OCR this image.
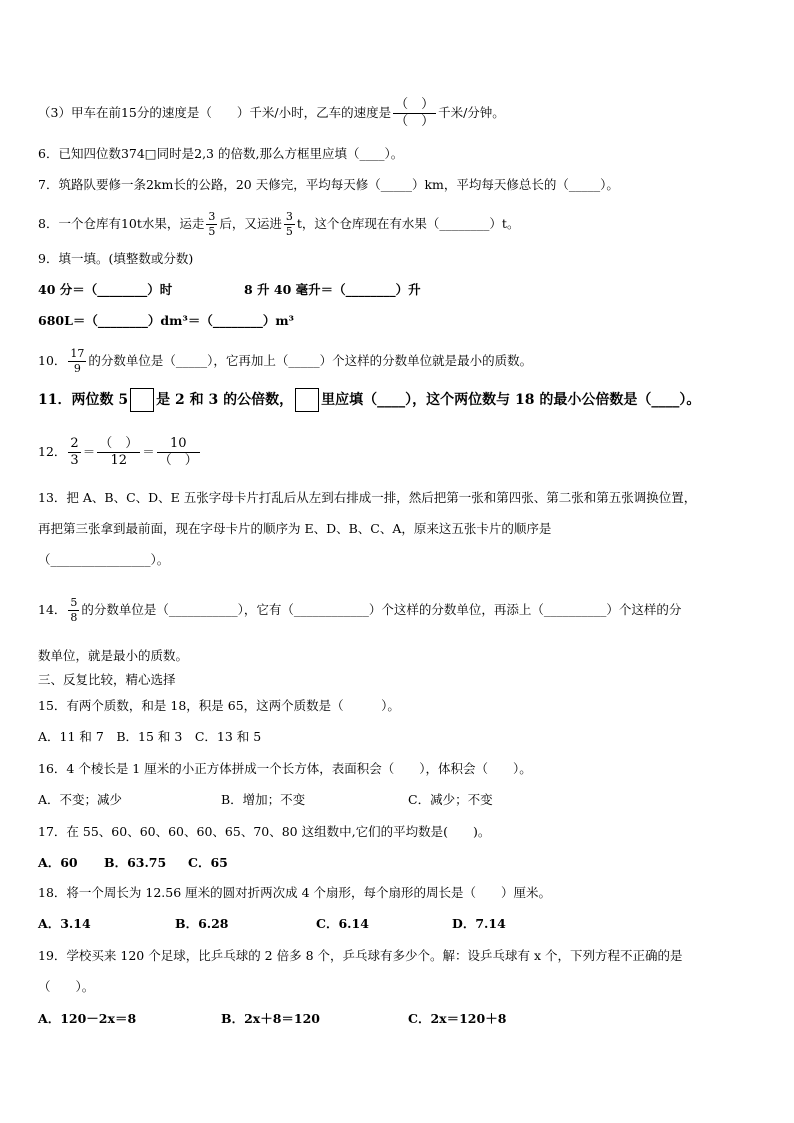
（3）甲车在前15分的速度是（　　）千米/小时，乙车的速度是 $\frac{( )}{( )}$ 千米/分钟。
6．已知四位数374□同时是2,3 的倍数,那么方框里应填（____）。
7．筑路队要修一条2km长的公路，20 天修完，平均每天修（_____）km，平均每天修总长的（_____）。
8．一个仓库有10t水果，运走 $\frac{3}{5}$ 后，又运进 $\frac{3}{5}$ t，这个仓库现在有水果（________）t。
9．填一填。(填整数或分数)
40 分＝（________）时	8 升 40 毫升＝（________）升
680L＝（________）dm³＝（________）m³
10． $\frac{17}{9}$ 的分数单位是（_____），它再加上（_____）个这样的分数单位就是最小的质数。
11．两位数 5 是 2 和 3 的公倍数， 里应填（____），这个两位数与 18 的最小公倍数是（____）。
12． $\frac{2}{3} = \frac{( )}{12} = \frac{10}{( )}$
13．把 A、B、C、D、E 五张字母卡片打乱后从左到右排成一排，然后把第一张和第四张、第二张和第五张调换位置，
再把第三张拿到最前面，现在字母卡片的顺序为 E、D、B、C、A，原来这五张卡片的顺序是
（________________）。
14． $\frac{5}{8}$ 的分数单位是（___________），它有（____________）个这样的分数单位，再添上（__________）个这样的分
数单位，就是最小的质数。
三、反复比较，精心选择
15．有两个质数，和是 18，积是 65，这两个质数是（　　　）。
A．11 和 7　B．15 和 3　C．13 和 5
16．4 个棱长是 1 厘米的小正方体拼成一个长方体，表面积会（　　），体积会（　　）。
A．不变；减少	B．增加；不变	C．减少；不变
17．在 55、60、60、60、60、65、70、80 这组数中,它们的平均数是(　　)。
A．60 B．63.75 C．65
18．将一个周长为 12.56 厘米的圆对折两次成 4 个扇形，每个扇形的周长是（　　）厘米。
A．3.14	B．6.28	C．6.14	D．7.14
19．学校买来 120 个足球，比乒乓球的 2 倍多 8 个，乒乓球有多少个。解：设乒乓球有 x 个，下列方程不正确的是
（　　）。
A．120－2x＝8	B．2x＋8＝120	C．2x＝120＋8
